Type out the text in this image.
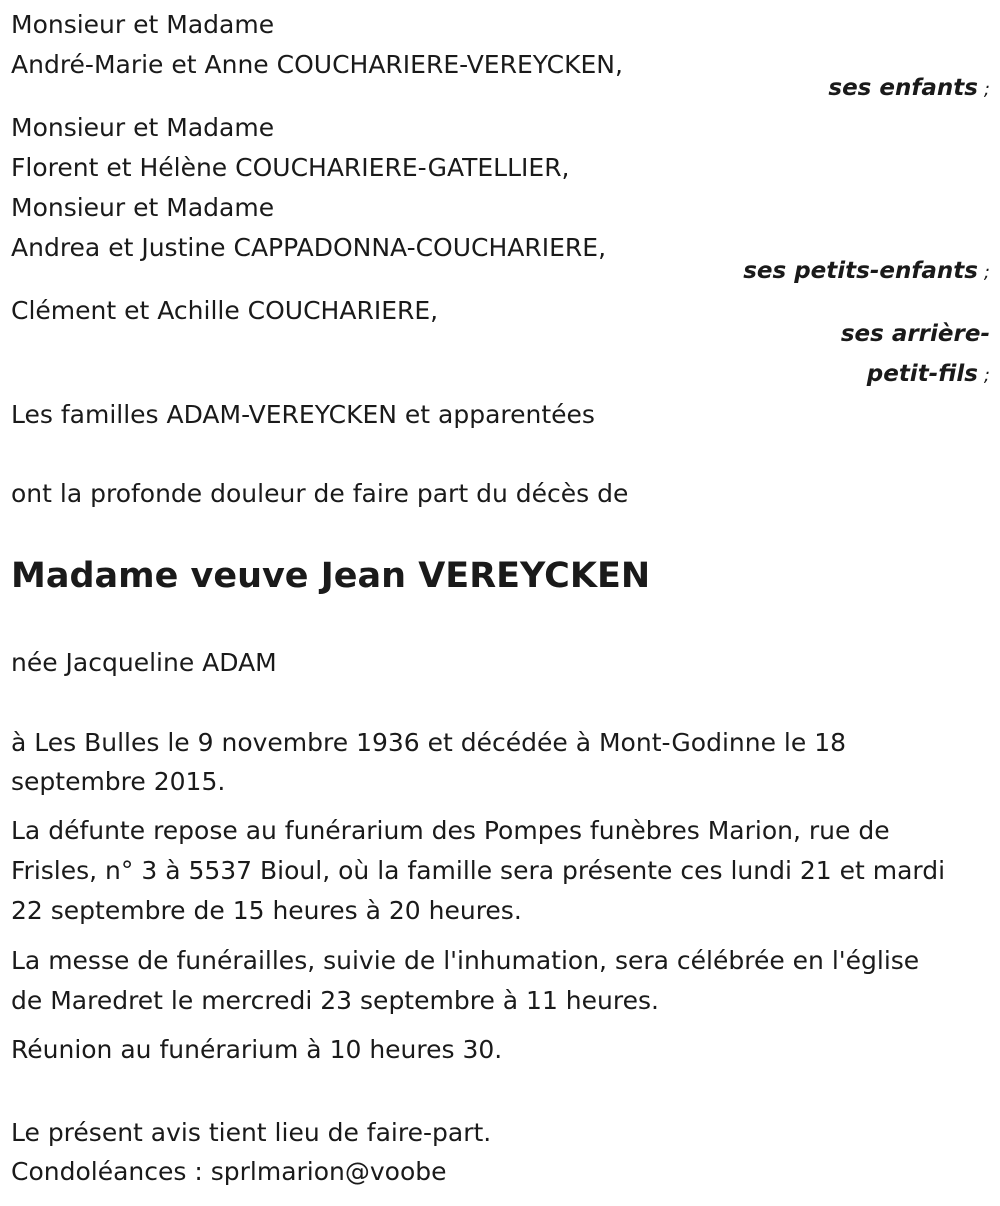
Monsieur et Madame
André-Marie et Anne COUCHARIERE-VEREYCKEN,
ses enfants ;
Monsieur et Madame
Florent et Hélène COUCHARIERE-GATELLIER,
Monsieur et Madame
Andrea et Justine CAPPADONNA-COUCHARIERE,
ses petits-enfants ;
Clément et Achille COUCHARIERE,
ses arrière-
petit-fils ;
Les familles ADAM-VEREYCKEN et apparentées
ont la profonde douleur de faire part du décès de
Madame veuve Jean VEREYCKEN
née Jacqueline ADAM
à Les Bulles le 9 novembre 1936 et décédée à Mont-Godinne le 18
septembre 2015.
La défunte repose au funérarium des Pompes funèbres Marion, rue de
Frisles, n° 3 à 5537 Bioul, où la famille sera présente ces lundi 21 et mardi
22 septembre de 15 heures à 20 heures.
La messe de funérailles, suivie de l'inhumation, sera célébrée en l'église
de Maredret le mercredi 23 septembre à 11 heures.
Réunion au funérarium à 10 heures 30.
Le présent avis tient lieu de faire-part.
Condoléances : sprlmarion@voobe
